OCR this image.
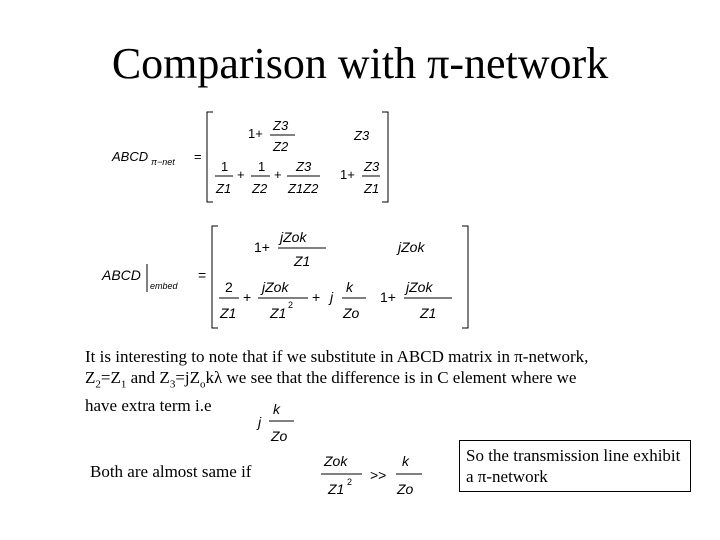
Comparison with π-network
ABCD π−net =
1+
Z3
Z2
Z3
1
Z1
+
1
Z2
+
Z3
Z1Z2
1+
Z3
Z1
ABCD
embed
=
1+
jZok
Z1
jZok
2
Z1
+
jZok
Z1 2 + j
k
Zo
1+
jZok
Z1
It is interesting to note that if we substitute in ABCD matrix in π-network,
$Z_2=Z_1$ and $Z_3=jZ_ok\lambda$ we see that the difference is in C element where we
have extra term i.e
j
k
Zo
Both are almost same if
Zok
Z1 2 >>
k
Zo
So the transmission line exhibit a π-network
